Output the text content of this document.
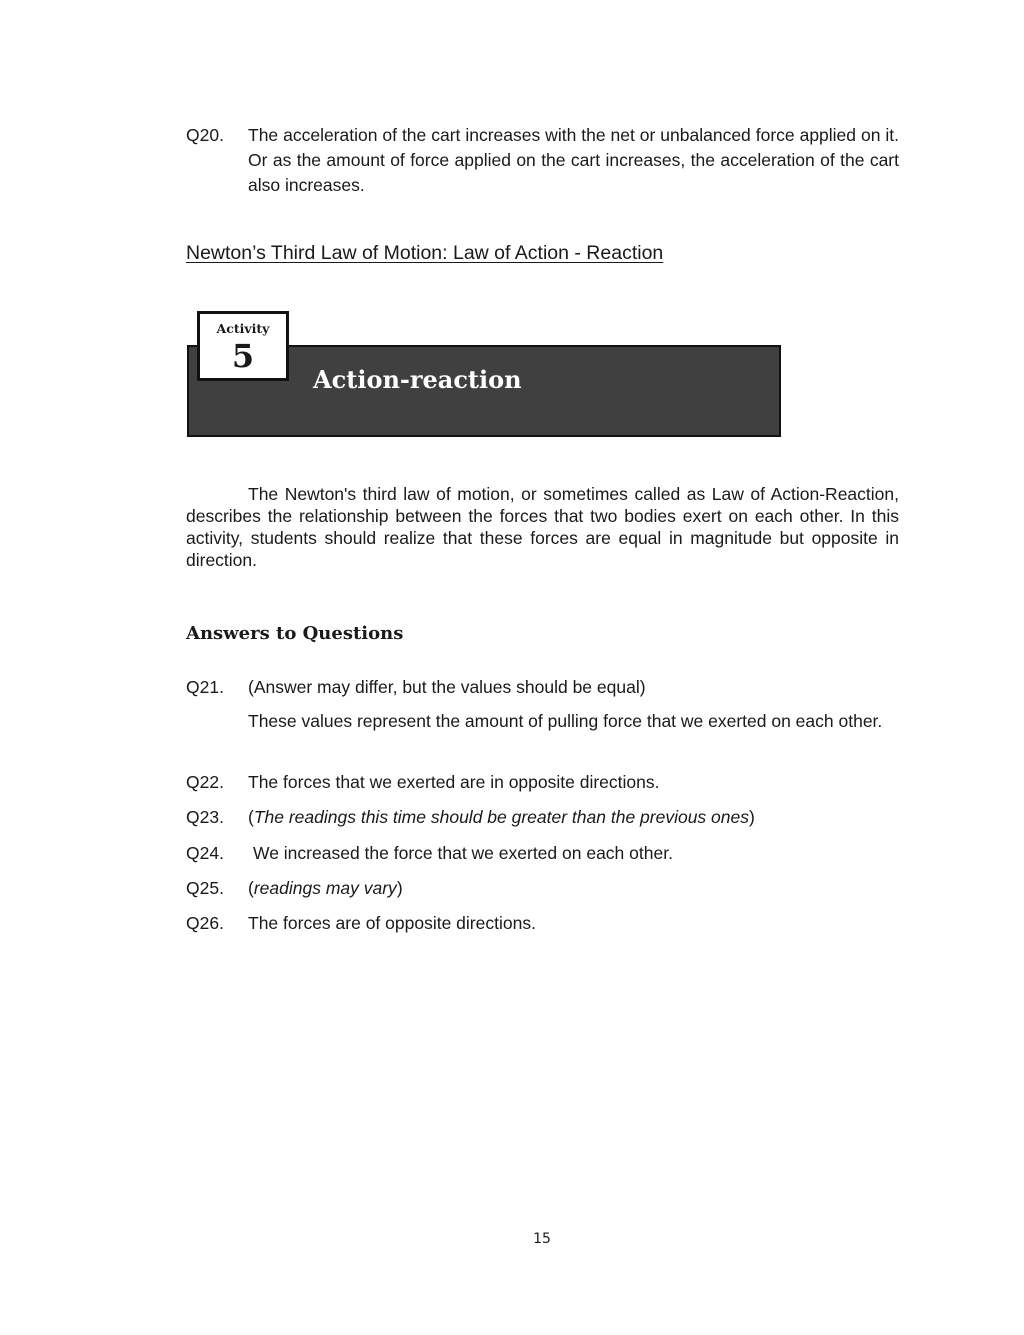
Q20.	The acceleration of the cart increases with the net or unbalanced force applied on it. Or as the amount of force applied on the cart increases, the acceleration of the cart also increases.
Newton’s Third Law of Motion: Law of Action - Reaction
Action-reaction
Activity
5
The Newton's third law of motion, or sometimes called as Law of Action-Reaction, describes the relationship between the forces that two bodies exert on each other. In this activity, students should realize that these forces are equal in magnitude but opposite in direction.
Answers to Questions
Q21.	(Answer may differ, but the values should be equal)
These values represent the amount of pulling force that we exerted on each other.
Q22.	The forces that we exerted are in opposite directions.
Q23.	(The readings this time should be greater than the previous ones)
Q24.	We increased the force that we exerted on each other.
Q25.	(readings may vary)
Q26.	The forces are of opposite directions.
15
